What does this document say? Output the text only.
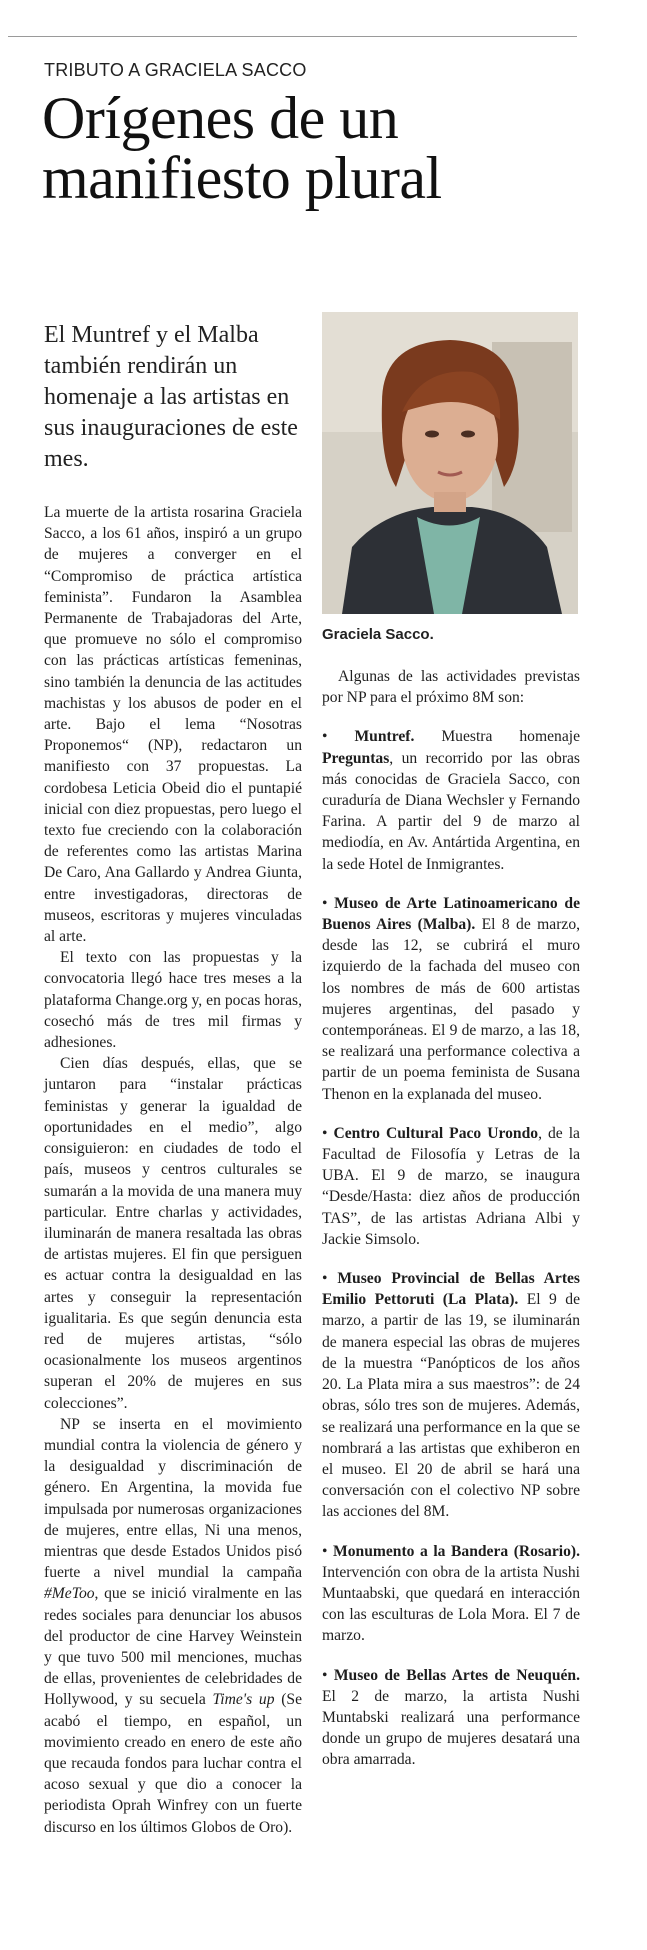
TRIBUTO A GRACIELA SACCO
Orígenes de un manifiesto plural

El Muntref y el Malba también rendirán un homenaje a las artistas en sus inauguraciones de este mes.

Graciela Sacco.

La muerte de la artista rosarina Graciela Sacco, a los 61 años, inspiró a un grupo de mujeres a converger en el “Compromiso de práctica artística feminista”. Fundaron la Asamblea Permanente de Trabajadoras del Arte, que promueve no sólo el compromiso con las prácticas artísticas femeninas, sino también la denuncia de las actitudes machistas y los abusos de poder en el arte. Bajo el lema “Nosotras Proponemos“ (NP), redactaron un manifiesto con 37 propuestas. La cordobesa Leticia Obeid dio el puntapié inicial con diez propuestas, pero luego el texto fue creciendo con la colaboración de referentes como las artistas Marina De Caro, Ana Gallardo y Andrea Giunta, entre investigadoras, directoras de museos, escritoras y mujeres vinculadas al arte.

El texto con las propuestas y la convocatoria llegó hace tres meses a la plataforma Change.org y, en pocas horas, cosechó más de tres mil firmas y adhesiones.

Cien días después, ellas, que se juntaron para “instalar prácticas feministas y generar la igualdad de oportunidades en el medio”, algo consiguieron: en ciudades de todo el país, museos y centros culturales se sumarán a la movida de una manera muy particular. Entre charlas y actividades, iluminarán de manera resaltada las obras de artistas mujeres. El fin que persiguen es actuar contra la desigualdad en las artes y conseguir la representación igualitaria. Es que según denuncia esta red de mujeres artistas, “sólo ocasionalmente los museos argentinos superan el 20% de mujeres en sus colecciones”.

NP se inserta en el movimiento mundial contra la violencia de género y la desigualdad y discriminación de género. En Argentina, la movida fue impulsada por numerosas organizaciones de mujeres, entre ellas, Ni una menos, mientras que desde Estados Unidos pisó fuerte a nivel mundial la campaña #MeToo, que se inició viralmente en las redes sociales para denunciar los abusos del productor de cine Harvey Weinstein y que tuvo 500 mil menciones, muchas de ellas, provenientes de celebridades de Hollywood, y su secuela Time's up (Se acabó el tiempo, en español, un movimiento creado en enero de este año que recauda fondos para luchar contra el acoso sexual y que dio a conocer la periodista Oprah Winfrey con un fuerte discurso en los últimos Globos de Oro).

Algunas de las actividades previstas por NP para el próximo 8M son:

• Muntref. Muestra homenaje Preguntas, un recorrido por las obras más conocidas de Graciela Sacco, con curaduría de Diana Wechsler y Fernando Farina. A partir del 9 de marzo al mediodía, en Av. Antártida Argentina, en la sede Hotel de Inmigrantes.

• Museo de Arte Latinoamericano de Buenos Aires (Malba). El 8 de marzo, desde las 12, se cubrirá el muro izquierdo de la fachada del museo con los nombres de más de 600 artistas mujeres argentinas, del pasado y contemporáneas. El 9 de marzo, a las 18, se realizará una performance colectiva a partir de un poema feminista de Susana Thenon en la explanada del museo.

• Centro Cultural Paco Urondo, de la Facultad de Filosofía y Letras de la UBA. El 9 de marzo, se inaugura “Desde/Hasta: diez años de producción TAS”, de las artistas Adriana Albi y Jackie Simsolo.

• Museo Provincial de Bellas Artes Emilio Pettoruti (La Plata). El 9 de marzo, a partir de las 19, se iluminarán de manera especial las obras de mujeres de la muestra “Panópticos de los años 20. La Plata mira a sus maestros”: de 24 obras, sólo tres son de mujeres. Además, se realizará una performance en la que se nombrará a las artistas que exhiberon en el museo. El 20 de abril se hará una conversación con el colectivo NP sobre las acciones del 8M.

• Monumento a la Bandera (Rosario). Intervención con obra de la artista Nushi Muntaabski, que quedará en interacción con las esculturas de Lola Mora. El 7 de marzo.

• Museo de Bellas Artes de Neuquén. El 2 de marzo, la artista Nushi Muntabski realizará una performance donde un grupo de mujeres desatará una obra amarrada.
